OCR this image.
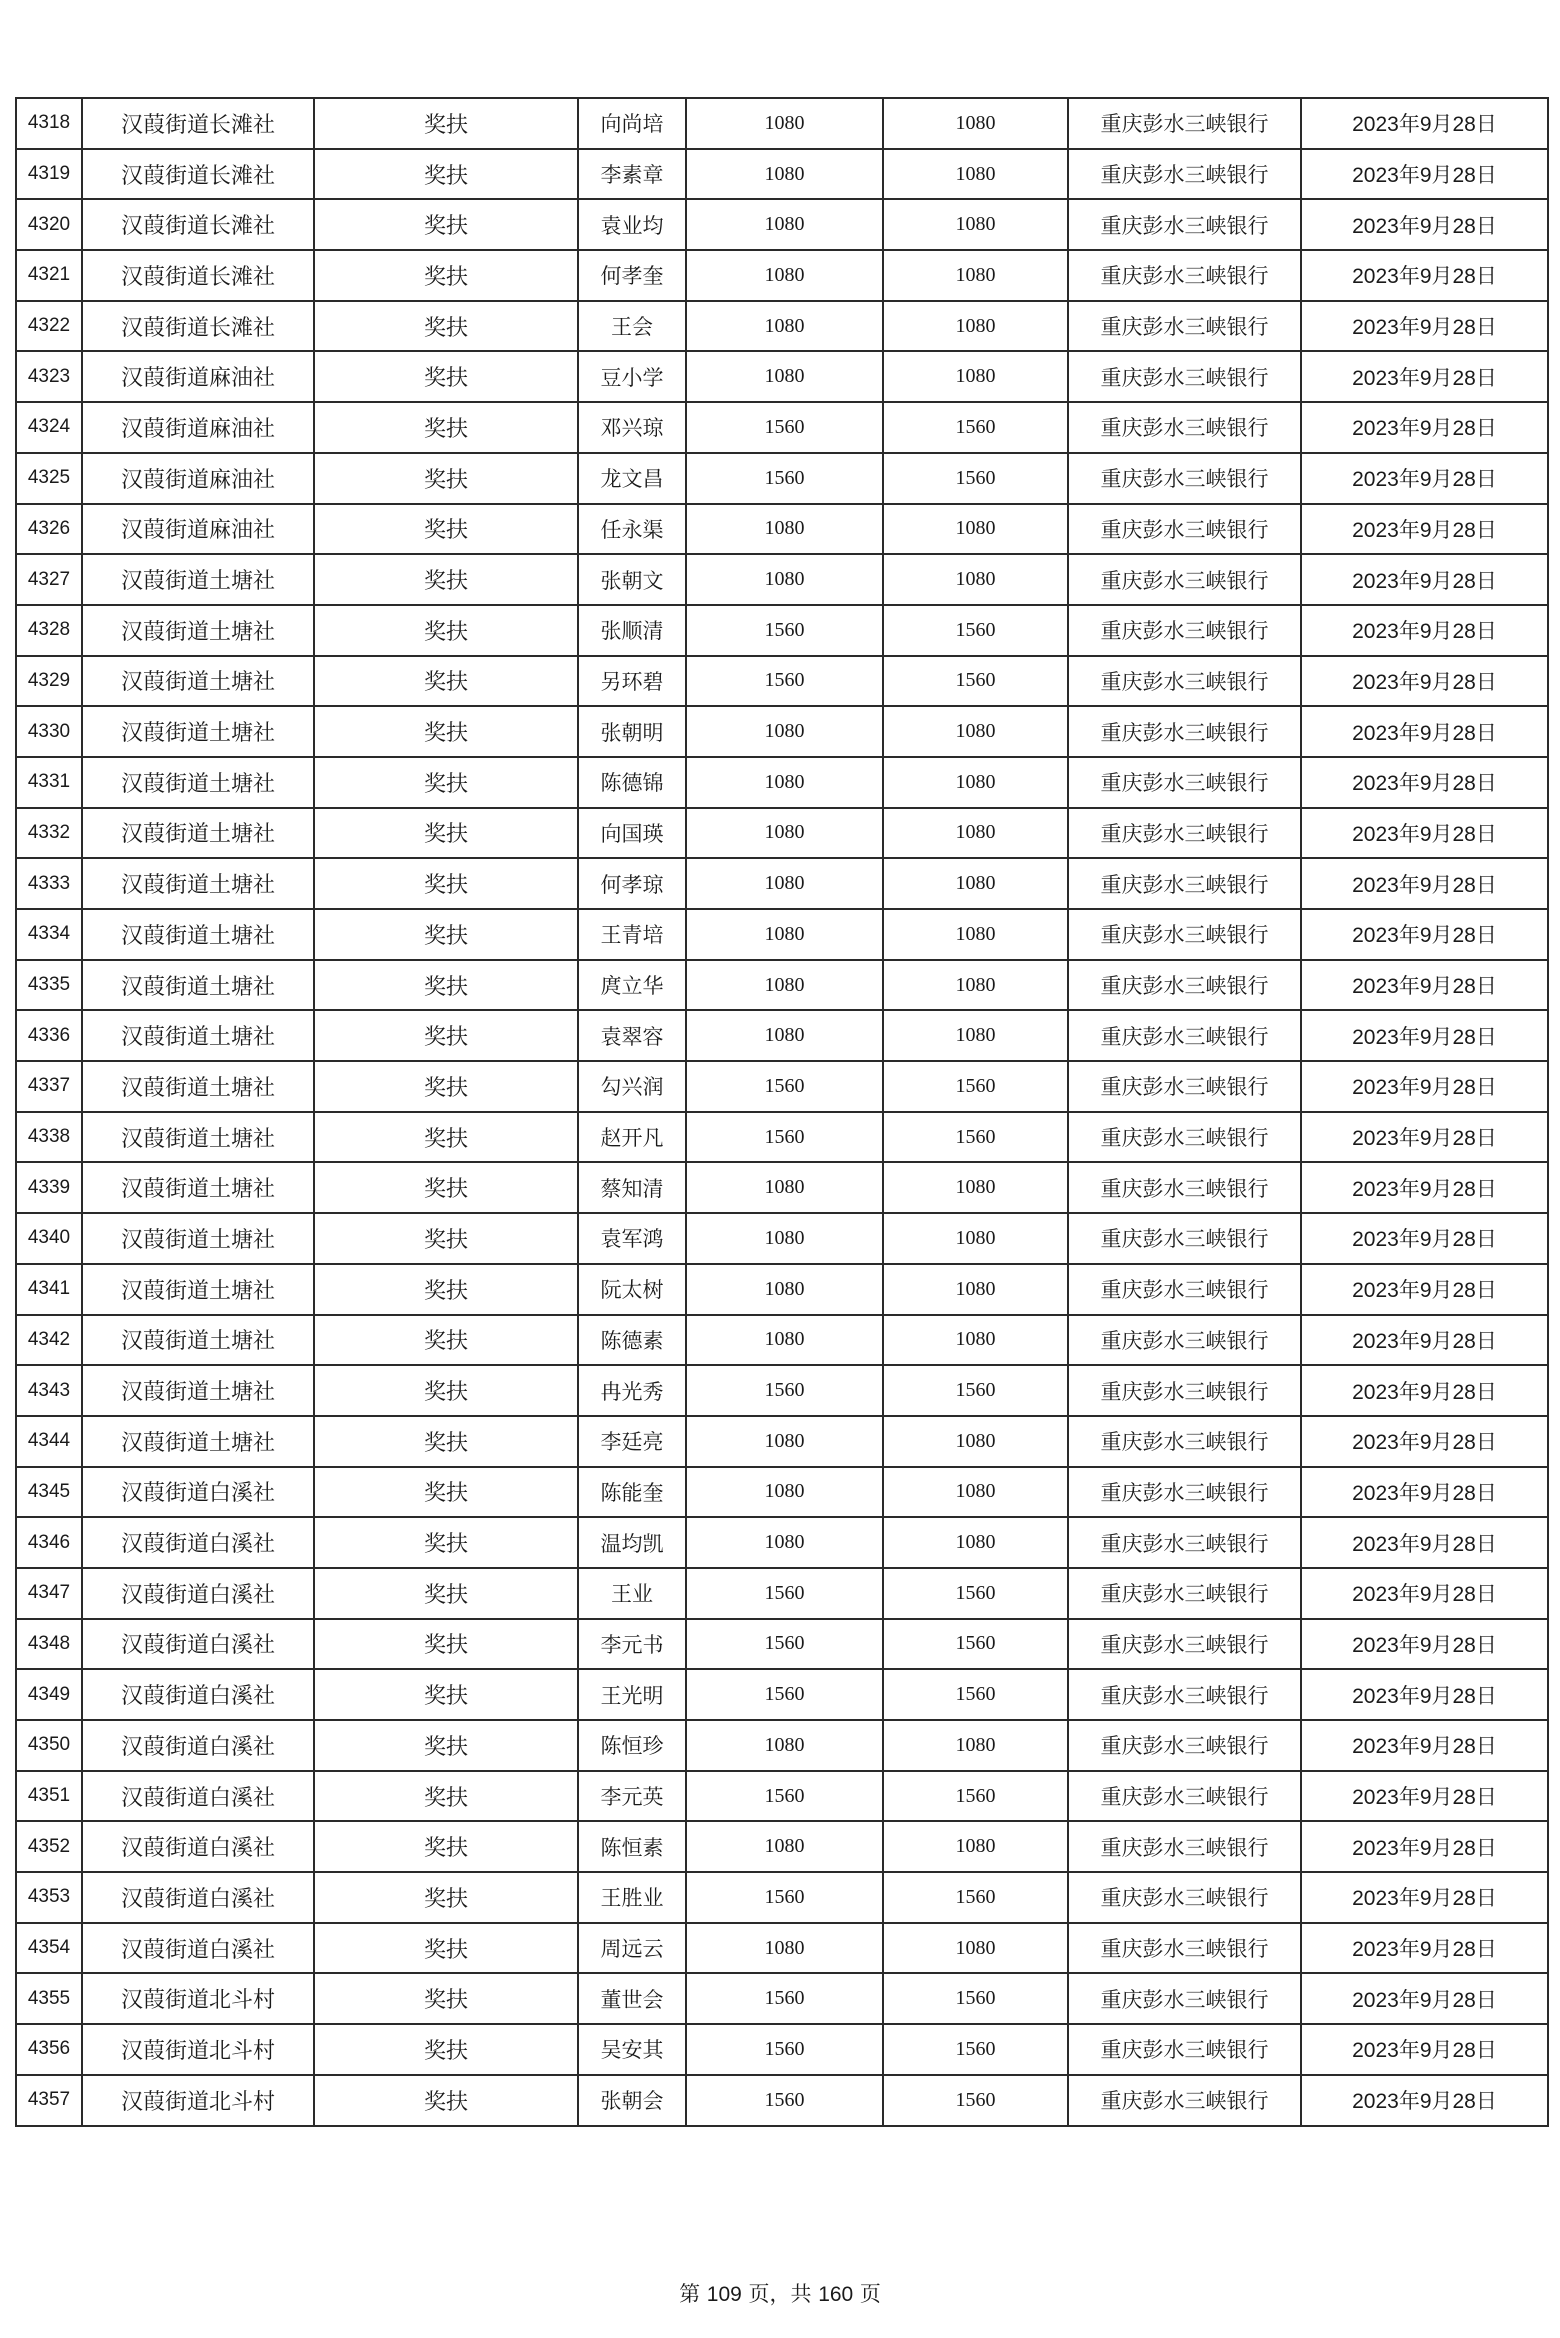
4318	汉葭街道长滩社	奖扶	向尚培	1080	1080	重庆彭水三峡银行	2023年9月28日
4319	汉葭街道长滩社	奖扶	李素章	1080	1080	重庆彭水三峡银行	2023年9月28日
4320	汉葭街道长滩社	奖扶	袁业均	1080	1080	重庆彭水三峡银行	2023年9月28日
4321	汉葭街道长滩社	奖扶	何孝奎	1080	1080	重庆彭水三峡银行	2023年9月28日
4322	汉葭街道长滩社	奖扶	王会	1080	1080	重庆彭水三峡银行	2023年9月28日
4323	汉葭街道麻油社	奖扶	豆小学	1080	1080	重庆彭水三峡银行	2023年9月28日
4324	汉葭街道麻油社	奖扶	邓兴琼	1560	1560	重庆彭水三峡银行	2023年9月28日
4325	汉葭街道麻油社	奖扶	龙文昌	1560	1560	重庆彭水三峡银行	2023年9月28日
4326	汉葭街道麻油社	奖扶	任永渠	1080	1080	重庆彭水三峡银行	2023年9月28日
4327	汉葭街道土塘社	奖扶	张朝文	1080	1080	重庆彭水三峡银行	2023年9月28日
4328	汉葭街道土塘社	奖扶	张顺清	1560	1560	重庆彭水三峡银行	2023年9月28日
4329	汉葭街道土塘社	奖扶	另环碧	1560	1560	重庆彭水三峡银行	2023年9月28日
4330	汉葭街道土塘社	奖扶	张朝明	1080	1080	重庆彭水三峡银行	2023年9月28日
4331	汉葭街道土塘社	奖扶	陈德锦	1080	1080	重庆彭水三峡银行	2023年9月28日
4332	汉葭街道土塘社	奖扶	向国瑛	1080	1080	重庆彭水三峡银行	2023年9月28日
4333	汉葭街道土塘社	奖扶	何孝琼	1080	1080	重庆彭水三峡银行	2023年9月28日
4334	汉葭街道土塘社	奖扶	王青培	1080	1080	重庆彭水三峡银行	2023年9月28日
4335	汉葭街道土塘社	奖扶	庹立华	1080	1080	重庆彭水三峡银行	2023年9月28日
4336	汉葭街道土塘社	奖扶	袁翠容	1080	1080	重庆彭水三峡银行	2023年9月28日
4337	汉葭街道土塘社	奖扶	勾兴润	1560	1560	重庆彭水三峡银行	2023年9月28日
4338	汉葭街道土塘社	奖扶	赵开凡	1560	1560	重庆彭水三峡银行	2023年9月28日
4339	汉葭街道土塘社	奖扶	蔡知清	1080	1080	重庆彭水三峡银行	2023年9月28日
4340	汉葭街道土塘社	奖扶	袁军鸿	1080	1080	重庆彭水三峡银行	2023年9月28日
4341	汉葭街道土塘社	奖扶	阮太树	1080	1080	重庆彭水三峡银行	2023年9月28日
4342	汉葭街道土塘社	奖扶	陈德素	1080	1080	重庆彭水三峡银行	2023年9月28日
4343	汉葭街道土塘社	奖扶	冉光秀	1560	1560	重庆彭水三峡银行	2023年9月28日
4344	汉葭街道土塘社	奖扶	李廷亮	1080	1080	重庆彭水三峡银行	2023年9月28日
4345	汉葭街道白溪社	奖扶	陈能奎	1080	1080	重庆彭水三峡银行	2023年9月28日
4346	汉葭街道白溪社	奖扶	温均凯	1080	1080	重庆彭水三峡银行	2023年9月28日
4347	汉葭街道白溪社	奖扶	王业	1560	1560	重庆彭水三峡银行	2023年9月28日
4348	汉葭街道白溪社	奖扶	李元书	1560	1560	重庆彭水三峡银行	2023年9月28日
4349	汉葭街道白溪社	奖扶	王光明	1560	1560	重庆彭水三峡银行	2023年9月28日
4350	汉葭街道白溪社	奖扶	陈恒珍	1080	1080	重庆彭水三峡银行	2023年9月28日
4351	汉葭街道白溪社	奖扶	李元英	1560	1560	重庆彭水三峡银行	2023年9月28日
4352	汉葭街道白溪社	奖扶	陈恒素	1080	1080	重庆彭水三峡银行	2023年9月28日
4353	汉葭街道白溪社	奖扶	王胜业	1560	1560	重庆彭水三峡银行	2023年9月28日
4354	汉葭街道白溪社	奖扶	周远云	1080	1080	重庆彭水三峡银行	2023年9月28日
4355	汉葭街道北斗村	奖扶	董世会	1560	1560	重庆彭水三峡银行	2023年9月28日
4356	汉葭街道北斗村	奖扶	吴安其	1560	1560	重庆彭水三峡银行	2023年9月28日
4357	汉葭街道北斗村	奖扶	张朝会	1560	1560	重庆彭水三峡银行	2023年9月28日
第 109 页，共 160 页
